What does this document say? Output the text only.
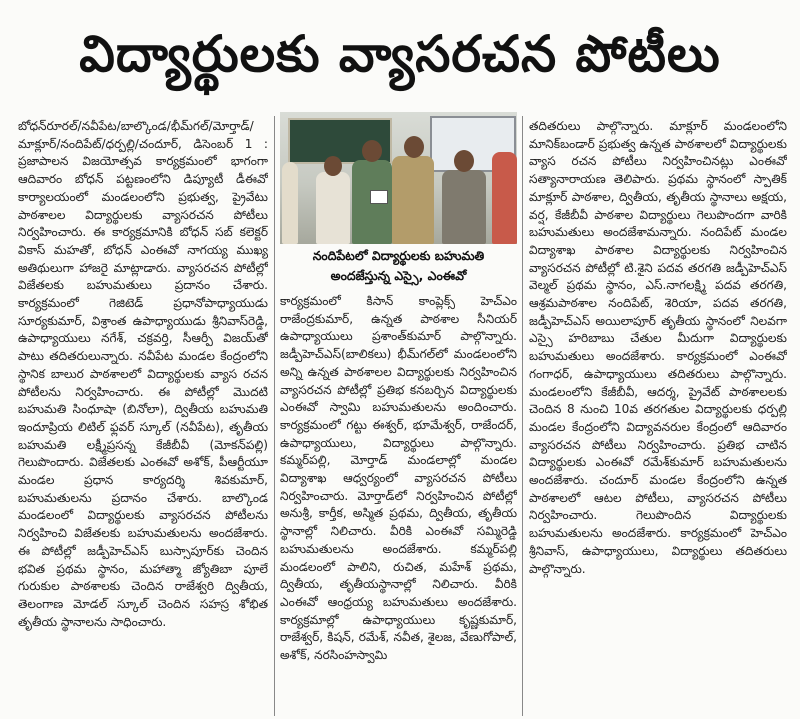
విద్యార్థులకు వ్యాసరచన పోటీలు

బోధన్‌రూరల్/నవీపేట/బాల్కొండ/భీమ్‌గల్/మోర్తాడ్/మాక్లూర్/నందిపేట్/ధర్పల్లి/చందూర్, డిసెంబర్ 1 : ప్రజాపాలన విజయోత్సవ కార్యక్రమంలో భాగంగా ఆదివారం బోధన్ పట్టణంలోని డిప్యూటీ డీఈవో కార్యాలయంలో మండలంలోని ప్రభుత్వ, ప్రైవేటు పాఠశాలల విద్యార్థులకు వ్యాసరచన పోటీలు నిర్వహించారు. ఈ కార్యక్రమానికి బోధన్ సబ్ కలెక్టర్ వికాస్ మహతో, బోధన్ ఎంఈవో నాగయ్య ముఖ్య అతిథులుగా హాజరై మాట్లాడారు. వ్యాసరచన పోటీల్లో విజేతలకు బహుమతులు ప్రదానం చేశారు. కార్యక్రమంలో గెజిటెడ్ ప్రధానోపాధ్యాయుడు సూర్యకుమార్, విశ్రాంత ఉపాధ్యాయుడు శ్రీనివాస్‌రెడ్డి, ఉపాధ్యాయులు నగేశ్, చక్రవర్తి, సీఆర్పీ విజయ్‌తో పాటు తదితరులున్నారు. నవీపేట మండల కేంద్రంలోని స్థానిక బాలుర పాఠశాలలో విద్యార్థులకు వ్యాస రచన పోటీలను నిర్వహించారు. ఈ పోటీల్లో మొదటి బహుమతి సింధూషా (బినోలా), ద్వితీయ బహుమతి ఇందూప్రియ లిటిల్ ఫ్లవర్ స్కూల్ (నవీపేట), తృతీయ బహుమతి లక్ష్మీప్రసన్న కేజీబీవీ (మోకన్‌పల్లి) గెలుపొందారు. విజేతలకు ఎంఈవో అశోక్, పీఆర్టీయూ మండల ప్రధాన కార్యదర్శి శివకుమార్, బహుమతులను ప్రదానం చేశారు. బాల్కొండ మండలంలో విద్యార్థులకు వ్యాసరచన పోటీలను నిర్వహించి విజేతలకు బహుమతులను అందజేశారు. ఈ పోటీల్లో జడ్పీహెచ్ఎస్ బుస్సాపూర్‌కు చెందిన భవిత ప్రథమ స్థానం, మహాత్మా జ్యోతిబా పూలే గురుకుల పాఠశాలకు చెందిన రాజేశ్వరి ద్వితీయ, తెలంగాణ మోడల్ స్కూల్ చెందిన సహస్ర శోభిత తృతీయ స్థానాలను సాధించారు.

నందిపేటలో విద్యార్థులకు బహుమతి అందజేస్తున్న ఎస్సై, ఎంఈవో

కార్యక్రమంలో కిసాన్ కాంప్లెక్స్ హెచ్ఎం రాజేంద్రకుమార్, ఉన్నత పాఠశాల సీనియర్ ఉపాధ్యాయులు ప్రశాంత్‌కుమార్ పాల్గొన్నారు. జడ్పీహెచ్ఎస్(బాలికలు) భీమ్‌గల్‌లో మండలంలోని అన్ని ఉన్నత పాఠశాలల విద్యార్థులకు నిర్వహించిన వ్యాసరచన పోటీల్లో ప్రతిభ కనబర్చిన విద్యార్థులకు ఎంఈవో స్వామి బహుమతులను అందించారు. కార్యక్రమంలో గట్టు ఈశ్వర్, భూమేశ్వర్, రాజేందర్, ఉపాధ్యాయులు, విద్యార్థులు పాల్గొన్నారు. కమ్మర్‌పల్లి, మోర్తాడ్ మండలాల్లో మండల విద్యాశాఖ ఆధ్వర్యంలో వ్యాసరచన పోటీలు నిర్వహించారు. మోర్తాడ్‌లో నిర్వహించిన పోటీల్లో అనుశ్రీ, కార్తీక, అస్మిత ప్రథమ, ద్వితీయ, తృతీయ స్థానాల్లో నిలిచారు. వీరికి ఎంఈవో సమ్మిరెడ్డి బహుమతులను అందజేశారు. కమ్మర్‌పల్లి మండలంలో పాలిని, రుచిత, మహేశ్ ప్రథమ, ద్వితీయ, తృతీయస్థానాల్లో నిలిచారు. వీరికి ఎంఈవో ఆంధ్రయ్య బహుమతులు అందజేశారు. కార్యక్రమాల్లో ఉపాధ్యాయులు కృష్ణకుమార్, రాజేశ్వర్, కిషన్, రమేశ్, నవీత, శైలజ, వేణుగోపాల్, అశోక్, నరసింహస్వామి

తదితరులు పాల్గొన్నారు. మాక్లూర్ మండలంలోని మానిక్‌బండార్ ప్రభుత్వ ఉన్నత పాఠశాలలో విద్యార్థులకు వ్యాస రచన పోటీలు నిర్వహించినట్లు ఎంఈవో సత్యానారాయణ తెలిపారు. ప్రథమ స్థానంలో స్పాతిక్ మాక్లూర్ పాఠశాల, ద్వితీయ, తృతీయ స్థానాలు అక్షయ, వర్ష, కేజీబీవీ పాఠశాల విద్యార్థులు గెలుపొందగా వారికి బహుమతులు అందజేశామన్నారు. నందిపేట్ మండల విద్యాశాఖ పాఠశాల విద్యార్థులకు నిర్వహించిన వ్యాసరచన పోటీల్లో టి.శైని పదవ తరగతి జడ్పీహెచ్ఎస్ వెల్మల్ ప్రథమ స్థానం, ఎస్.నాగలక్ష్మి పదవ తరగతి, ఆశ్రమపాఠశాల నందిపేట్, శెరియా, పదవ తరగతి, జడ్పీహెచ్ఎస్ అయిలాపూర్ తృతీయ స్థానంలో నిలవగా ఎస్సై హరిబాబు చేతుల మీదుగా విద్యార్థులకు బహుమతులు అందజేశారు. కార్యక్రమంలో ఎంఈవో గంగాధర్, ఉపాధ్యాయులు తదితరులు పాల్గొన్నారు. మండలంలోని కేజీబీవీ, ఆదర్శ, ప్రైవేట్ పాఠశాలలకు చెందిన 8 నుంచి 10వ తరగతుల విద్యార్థులకు ధర్పల్లి మండల కేంద్రంలోని విద్యావనరుల కేంద్రంలో ఆదివారం వ్యాసరచన పోటీలు నిర్వహించారు. ప్రతిభ చాటిన విద్యార్థులకు ఎంఈవో రమేశ్‌కుమార్ బహుమతులను అందజేశారు. చందూర్ మండల కేంద్రంలోని ఉన్నత పాఠశాలలో ఆటల పోటీలు, వ్యాసరచన పోటీలు నిర్వహించారు. గెలుపొందిన విద్యార్థులకు బహుమతులను అందజేశారు. కార్యక్రమంలో హెచ్ఎం శ్రీనివాస్, ఉపాధ్యాయులు, విద్యార్థులు తదితరులు పాల్గొన్నారు.
